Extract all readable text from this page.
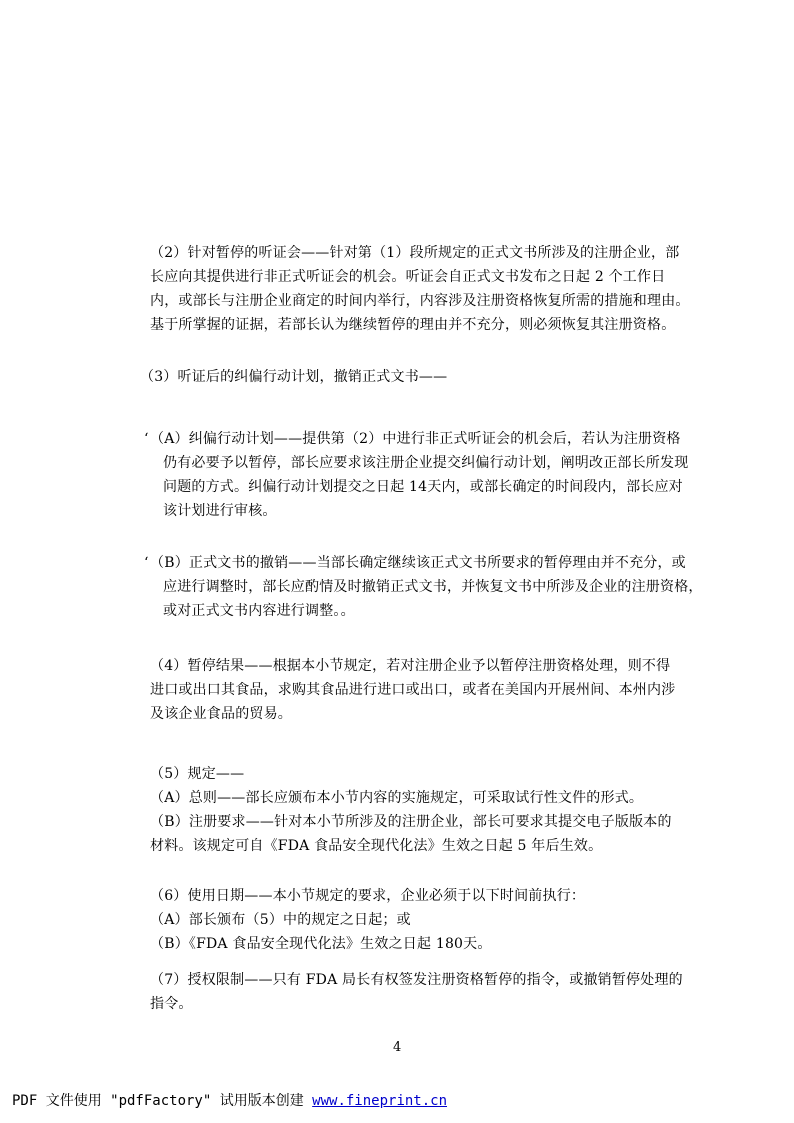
（2）针对暂停的听证会——针对第（1）段所规定的正式文书所涉及的注册企业，部
长应向其提供进行非正式听证会的机会。听证会自正式文书发布之日起 2 个工作日
内，或部长与注册企业商定的时间内举行，内容涉及注册资格恢复所需的措施和理由。
基于所掌握的证据，若部长认为继续暂停的理由并不充分，则必须恢复其注册资格。
（3）听证后的纠偏行动计划，撤销正式文书——
‘ （A）纠偏行动计划——提供第（2）中进行非正式听证会的机会后，若认为注册资格
仍有必要予以暂停，部长应要求该注册企业提交纠偏行动计划，阐明改正部长所发现
问题的方式。纠偏行动计划提交之日起 14天内，或部长确定的时间段内，部长应对
该计划进行审核。
‘ （B）正式文书的撤销——当部长确定继续该正式文书所要求的暂停理由并不充分，或
应进行调整时，部长应酌情及时撤销正式文书，并恢复文书中所涉及企业的注册资格，
或对正式文书内容进行调整。。
（4）暂停结果——根据本小节规定，若对注册企业予以暂停注册资格处理，则不得
进口或出口其食品，求购其食品进行进口或出口，或者在美国内开展州间、本州内涉
及该企业食品的贸易。
（5）规定——
（A）总则——部长应颁布本小节内容的实施规定，可采取试行性文件的形式。
（B）注册要求——针对本小节所涉及的注册企业，部长可要求其提交电子版版本的
材料。该规定可自《FDA 食品安全现代化法》生效之日起 5 年后生效。
（6）使用日期——本小节规定的要求，企业必须于以下时间前执行：
（A）部长颁布（5）中的规定之日起；或
（B）《FDA 食品安全现代化法》生效之日起 180天。
（7）授权限制——只有 FDA 局长有权签发注册资格暂停的指令，或撤销暂停处理的
指令。
4
PDF 文件使用 "pdfFactory" 试用版本创建 www.fineprint.cn
